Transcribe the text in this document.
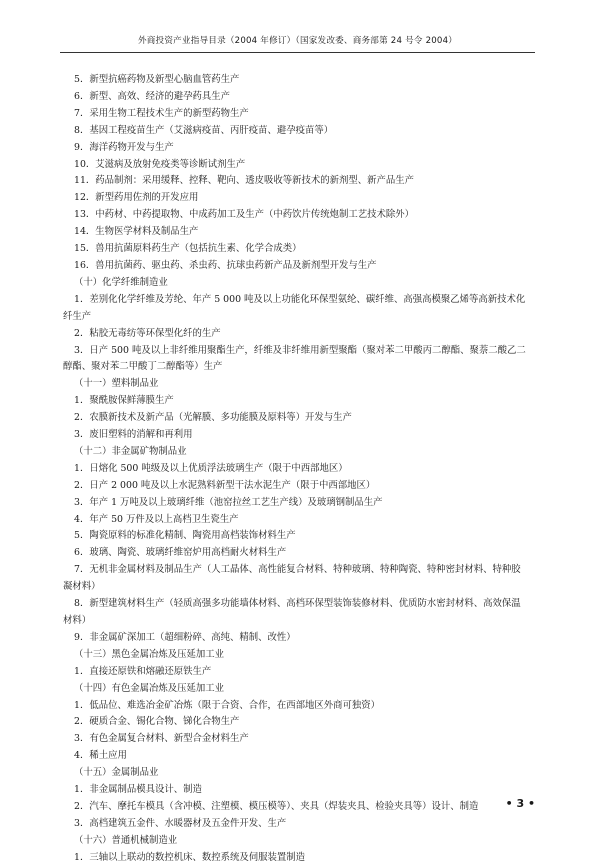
外商投资产业指导目录（2004 年修订）（国家发改委、商务部第 24 号令 2004）
5．新型抗癌药物及新型心脑血管药生产
6．新型、高效、经济的避孕药具生产
7．采用生物工程技术生产的新型药物生产
8．基因工程疫苗生产（艾滋病疫苗、丙肝疫苗、避孕疫苗等）
9．海洋药物开发与生产
10．艾滋病及放射免疫类等诊断试剂生产
11．药品制剂：采用缓释、控释、靶向、透皮吸收等新技术的新剂型、新产品生产
12．新型药用佐剂的开发应用
13．中药材、中药提取物、中成药加工及生产（中药饮片传统炮制工艺技术除外）
14．生物医学材料及制品生产
15．兽用抗菌原料药生产（包括抗生素、化学合成类）
16．兽用抗菌药、驱虫药、杀虫药、抗球虫药新产品及新剂型开发与生产
（十）化学纤维制造业
1．差别化化学纤维及芳纶、年产 5 000 吨及以上功能化环保型氨纶、碳纤维、高强高模聚乙烯等高新技术化
纤生产
2．粘胶无毒纺等环保型化纤的生产
3．日产 500 吨及以上非纤维用聚酯生产，纤维及非纤维用新型聚酯（聚对苯二甲酸丙二醇酯、聚萘二酸乙二
醇酯、聚对苯二甲酸丁二醇酯等）生产
（十一）塑料制品业
1．聚酰胺保鲜薄膜生产
2．农膜新技术及新产品（光解膜、多功能膜及原料等）开发与生产
3．废旧塑料的消解和再利用
（十二）非金属矿物制品业
1．日熔化 500 吨级及以上优质浮法玻璃生产（限于中西部地区）
2．日产 2 000 吨及以上水泥熟料新型干法水泥生产（限于中西部地区）
3．年产 1 万吨及以上玻璃纤维（池窑拉丝工艺生产线）及玻璃钢制品生产
4．年产 50 万件及以上高档卫生瓷生产
5．陶瓷原料的标准化精制、陶瓷用高档装饰材料生产
6．玻璃、陶瓷、玻璃纤维窑炉用高档耐火材料生产
7．无机非金属材料及制品生产（人工晶体、高性能复合材料、特种玻璃、特种陶瓷、特种密封材料、特种胶
凝材料）
8．新型建筑材料生产（轻质高强多功能墙体材料、高档环保型装饰装修材料、优质防水密封材料、高效保温
材料）
9．非金属矿深加工（超细粉碎、高纯、精制、改性）
（十三）黑色金属冶炼及压延加工业
1．直接还原铁和熔融还原铁生产
（十四）有色金属冶炼及压延加工业
1．低品位、难选冶金矿冶炼（限于合资、合作，在西部地区外商可独资）
2．硬质合金、锡化合物、锑化合物生产
3．有色金属复合材料、新型合金材料生产
4．稀土应用
（十五）金属制品业
1．非金属制品模具设计、制造
2．汽车、摩托车模具（含冲模、注塑模、模压模等）、夹具（焊装夹具、检验夹具等）设计、制造
3．高档建筑五金件、水暖器材及五金件开发、生产
（十六）普通机械制造业
1．三轴以上联动的数控机床、数控系统及伺服装置制造
• 3 •
